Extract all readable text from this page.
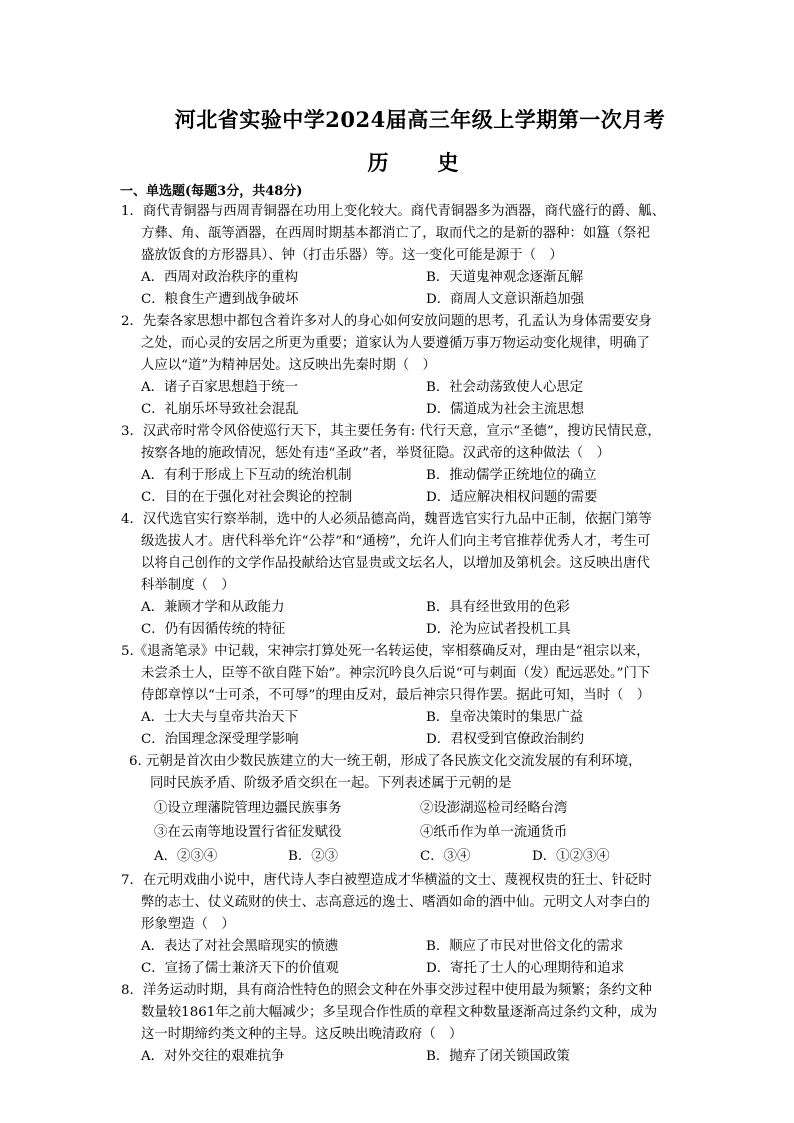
河北省实验中学2024届高三年级上学期第一次月考
历　史
一、单选题(每题3分，共48分)
1．商代青铜器与西周青铜器在功用上变化较大。商代青铜器多为酒器，商代盛行的爵、觚、
方彝、角、瓿等酒器，在西周时期基本都消亡了，取而代之的是新的器种：如簋（祭祀
盛放饭食的方形器具）、钟（打击乐器）等。这一变化可能是源于（　）
A．西周对政治秩序的重构	B．天道鬼神观念逐渐瓦解
C．粮食生产遭到战争破坏	D．商周人文意识渐趋加强
2．先秦各家思想中都包含着许多对人的身心如何安放问题的思考，孔孟认为身体需要安身
之处，而心灵的安居之所更为重要；道家认为人要遵循万事万物运动变化规律，明确了
人应以“道”为精神居处。这反映出先秦时期（　）
A．诸子百家思想趋于统一	B．社会动荡致使人心思定
C．礼崩乐坏导致社会混乱	D．儒道成为社会主流思想
3．汉武帝时常令风俗使巡行天下，其主要任务有: 代行天意，宣示“圣德”，搜访民情民意，
按察各地的施政情况，惩处有违“圣政”者，举贤征隐。汉武帝的这种做法（　）
A．有利于形成上下互动的统治机制	B．推动儒学正统地位的确立
C．目的在于强化对社会舆论的控制	D．适应解决相权问题的需要
4．汉代选官实行察举制，选中的人必须品德高尚，魏晋选官实行九品中正制，依据门第等
级选拔人才。唐代科举允许“公荐”和“通榜”，允许人们向主考官推荐优秀人才，考生可
以将自己创作的文学作品投献给达官显贵或文坛名人，以增加及第机会。这反映出唐代
科举制度（　）
A．兼顾才学和从政能力	B．具有经世致用的色彩
C．仍有因循传统的特征	D．沦为应试者投机工具
5.《退斋笔录》中记载，宋神宗打算处死一名转运使，宰相蔡确反对，理由是“祖宗以来，
未尝杀士人，臣等不欲自陛下始”。神宗沉吟良久后说“可与刺面（发）配远恶处。”门下
侍郎章惇以“士可杀，不可辱”的理由反对，最后神宗只得作罢。据此可知，当时（　）
A．士大夫与皇帝共治天下	B．皇帝决策时的集思广益
C．治国理念深受理学影响	D．君权受到官僚政治制约
6. 元朝是首次由少数民族建立的大一统王朝，形成了各民族文化交流发展的有利环境，
同时民族矛盾、阶级矛盾交织在一起。下列表述属于元朝的是
①设立理藩院管理边疆民族事务	②设澎湖巡检司经略台湾
③在云南等地设置行省征发赋役	④纸币作为单一流通货币
A．②③④	B．②③	C．③④	D．①②③④
7．在元明戏曲小说中，唐代诗人李白被塑造成才华横溢的文士、蔑视权贵的狂士、针砭时
弊的志士、仗义疏财的侠士、志高意远的逸士、嗜酒如命的酒中仙。元明文人对李白的
形象塑造（　）
A．表达了对社会黑暗现实的愤懑	B．顺应了市民对世俗文化的需求
C．宣扬了儒士兼济天下的价值观	D．寄托了士人的心理期待和追求
8．洋务运动时期，具有商洽性特色的照会文种在外事交涉过程中使用最为频繁；条约文种
数量较1861年之前大幅减少；多呈现合作性质的章程文种数量逐渐高过条约文种，成为
这一时期缔约类文种的主导。这反映出晚清政府（　）
A．对外交往的艰难抗争	B．抛弃了闭关锁国政策
